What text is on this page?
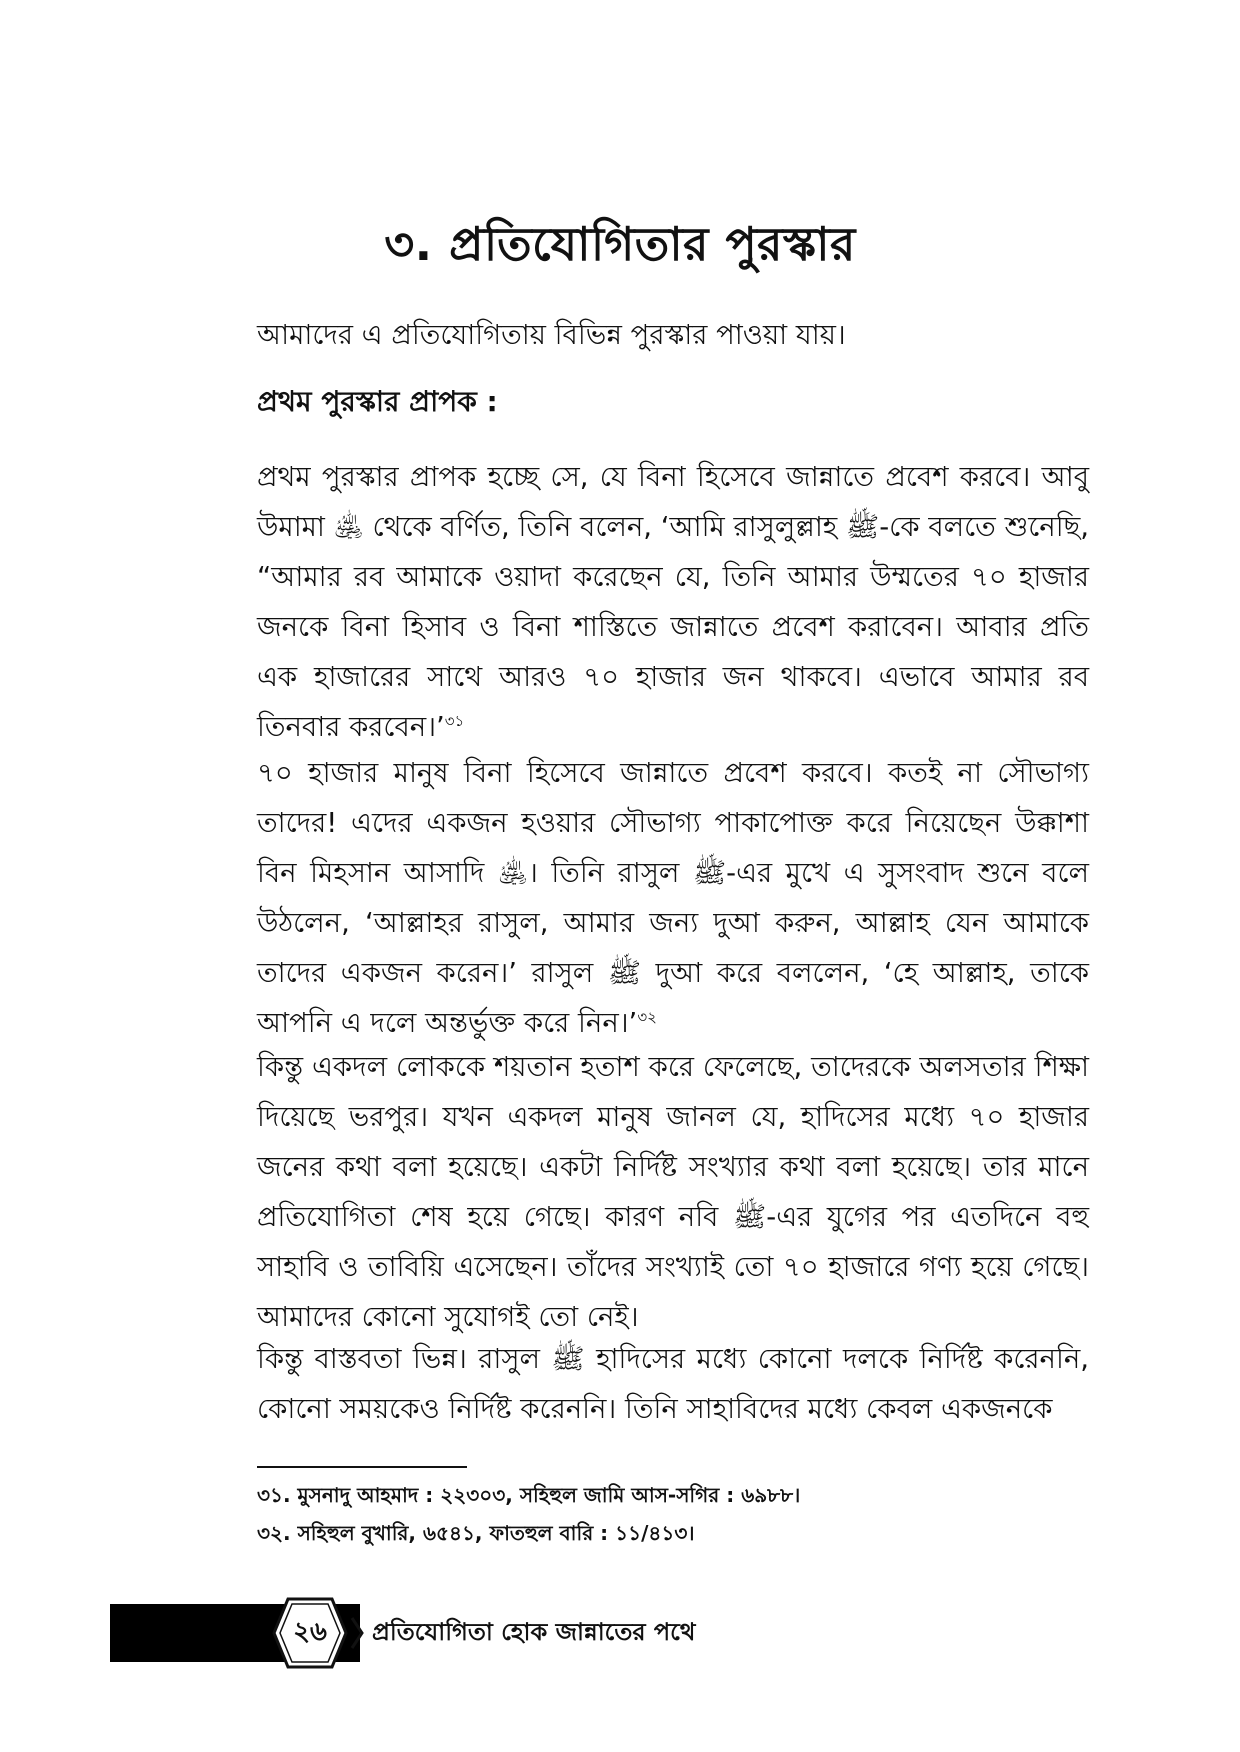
৩. প্রতিযোগিতার পুরস্কার

আমাদের এ প্রতিযোগিতায় বিভিন্ন পুরস্কার পাওয়া যায়।

প্রথম পুরস্কার প্রাপক :

প্রথম পুরস্কার প্রাপক হচ্ছে সে, যে বিনা হিসেবে জান্নাতে প্রবেশ করবে। আবু উমামা ﵁ থেকে বর্ণিত, তিনি বলেন, ‘আমি রাসুলুল্লাহ ﷺ-কে বলতে শুনেছি, “আমার রব আমাকে ওয়াদা করেছেন যে, তিনি আমার উম্মতের ৭০ হাজার জনকে বিনা হিসাব ও বিনা শাস্তিতে জান্নাতে প্রবেশ করাবেন। আবার প্রতি এক হাজারের সাথে আরও ৭০ হাজার জন থাকবে। এভাবে আমার রব তিনবার করবেন।’$^{৩১}$

৭০ হাজার মানুষ বিনা হিসেবে জান্নাতে প্রবেশ করবে। কতই না সৌভাগ্য তাদের! এদের একজন হওয়ার সৌভাগ্য পাকাপোক্ত করে নিয়েছেন উক্কাশা বিন মিহসান আসাদি ﵁। তিনি রাসুল ﷺ-এর মুখে এ সুসংবাদ শুনে বলে উঠলেন, ‘আল্লাহর রাসুল, আমার জন্য দুআ করুন, আল্লাহ যেন আমাকে তাদের একজন করেন।’ রাসুল ﷺ দুআ করে বললেন, ‘হে আল্লাহ, তাকে আপনি এ দলে অন্তর্ভুক্ত করে নিন।’$^{৩২}$

কিন্তু একদল লোককে শয়তান হতাশ করে ফেলেছে, তাদেরকে অলসতার শিক্ষা দিয়েছে ভরপুর। যখন একদল মানুষ জানল যে, হাদিসের মধ্যে ৭০ হাজার জনের কথা বলা হয়েছে। একটা নির্দিষ্ট সংখ্যার কথা বলা হয়েছে। তার মানে প্রতিযোগিতা শেষ হয়ে গেছে। কারণ নবি ﷺ-এর যুগের পর এতদিনে বহু সাহাবি ও তাবিয়ি এসেছেন। তাঁদের সংখ্যাই তো ৭০ হাজারে গণ্য হয়ে গেছে। আমাদের কোনো সুযোগই তো নেই।

কিন্তু বাস্তবতা ভিন্ন। রাসুল ﷺ হাদিসের মধ্যে কোনো দলকে নির্দিষ্ট করেননি, কোনো সময়কেও নির্দিষ্ট করেননি। তিনি সাহাবিদের মধ্যে কেবল একজনকে

৩১. মুসনাদু আহমাদ : ২২৩০৩, সহিহুল জামি আস-সগির : ৬৯৮৮।
৩২. সহিহুল বুখারি, ৬৫৪১, ফাতহুল বারি : ১১/৪১৩।
২৬ প্রতিযোগিতা হোক জান্নাতের পথে
